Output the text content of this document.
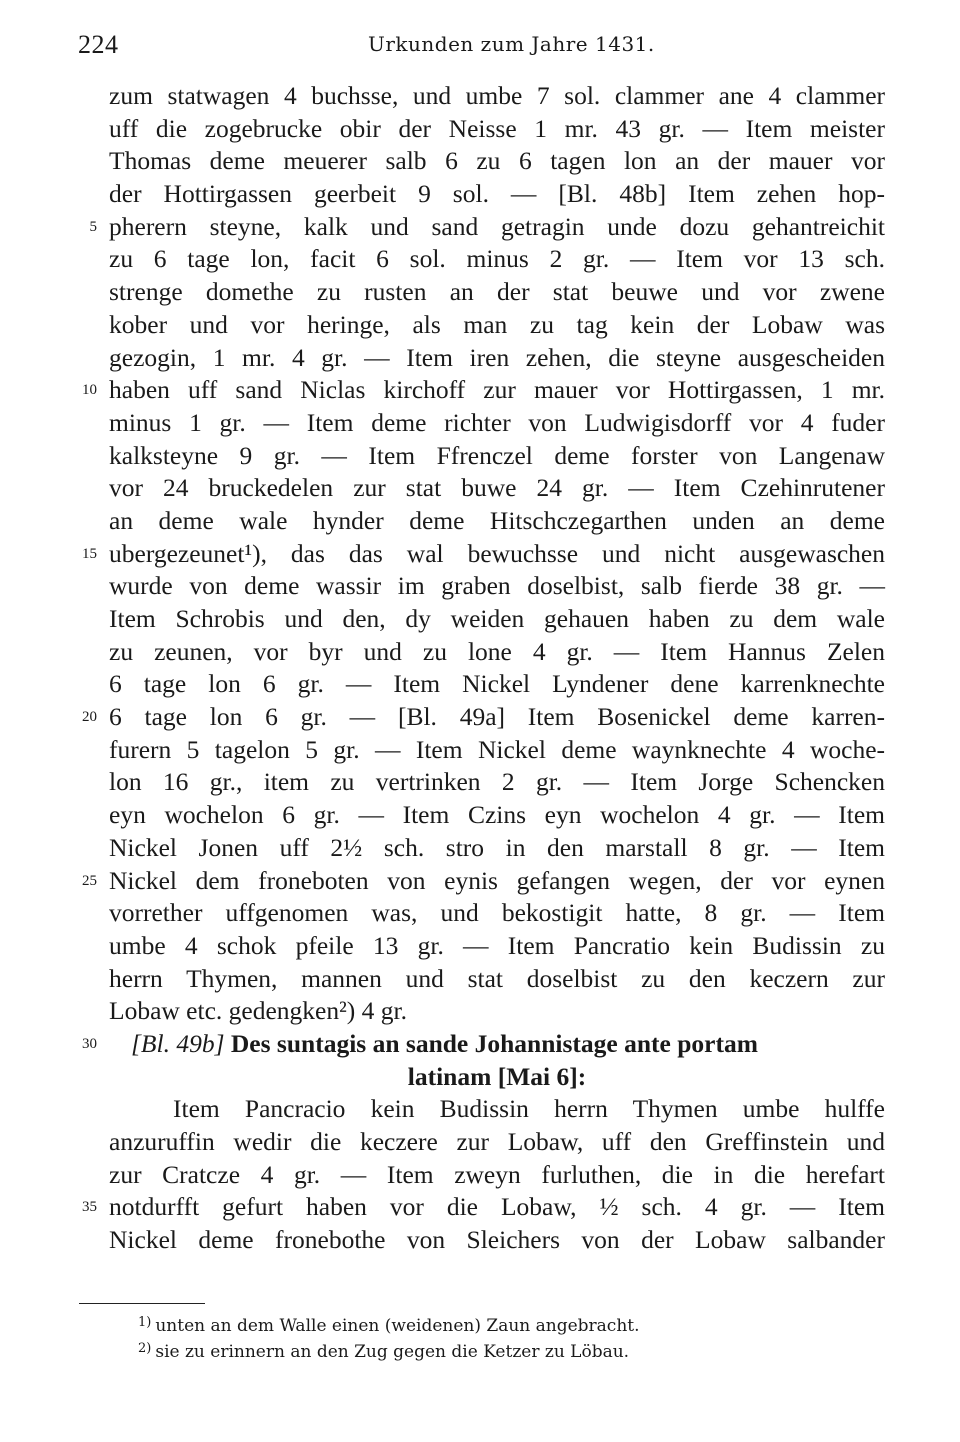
224	Urkunden zum Jahre 1431.
zum statwagen 4 buchsse, und umbe 7 sol. clammer ane 4 clammer
uff die zogebrucke obir der Neisse 1 mr. 43 gr. — Item meister
Thomas deme meuerer salb 6 zu 6 tagen lon an der mauer vor
der Hottirgassen geerbeit 9 sol. — [Bl. 48b] Item zehen hop-
5 pherern steyne, kalk und sand getragin unde dozu gehantreichit
zu 6 tage lon, facit 6 sol. minus 2 gr. — Item vor 13 sch.
strenge domethe zu rusten an der stat beuwe und vor zwene
kober und vor heringe, als man zu tag kein der Lobaw was
gezogin, 1 mr. 4 gr. — Item iren zehen, die steyne ausgescheiden
10 haben uff sand Niclas kirchoff zur mauer vor Hottirgassen, 1 mr.
minus 1 gr. — Item deme richter von Ludwigisdorff vor 4 fuder
kalksteyne 9 gr. — Item Ffrenczel deme forster von Langenaw
vor 24 bruckedelen zur stat buwe 24 gr. — Item Czehinrutener
an deme wale hynder deme Hitschczegarthen unden an deme
15 ubergezeunet¹), das das wal bewuchsse und nicht ausgewaschen
wurde von deme wassir im graben doselbist, salb fierde 38 gr. —
Item Schrobis und den, dy weiden gehauen haben zu dem wale
zu zeunen, vor byr und zu lone 4 gr. — Item Hannus Zelen
6 tage lon 6 gr. — Item Nickel Lyndener dene karrenknechte
20 6 tage lon 6 gr. — [Bl. 49a] Item Bosenickel deme karren-
furern 5 tagelon 5 gr. — Item Nickel deme waynknechte 4 woche-
lon 16 gr., item zu vertrinken 2 gr. — Item Jorge Schencken
eyn wochelon 6 gr. — Item Czins eyn wochelon 4 gr. — Item
Nickel Jonen uff 2½ sch. stro in den marstall 8 gr. — Item
25 Nickel dem froneboten von eynis gefangen wegen, der vor eynen
vorrether uffgenomen was, und bekostigit hatte, 8 gr. — Item
umbe 4 schok pfeile 13 gr. — Item Pancratio kein Budissin zu
herrn Thymen, mannen und stat doselbist zu den keczern zur
Lobaw etc. gedengken²) 4 gr.
30	[Bl. 49b] Des suntagis an sande Johannistage ante portam
latinam [Mai 6]:
Item Pancracio kein Budissin herrn Thymen umbe hulffe
anzuruffin wedir die keczere zur Lobaw, uff den Greffinstein und
zur Cratcze 4 gr. — Item zweyn furluthen, die in die herefart
35 notdurfft gefurt haben vor die Lobaw, ½ sch. 4 gr. — Item
Nickel deme fronebothe von Sleichers von der Lobaw salbander
$^{1)}$ unten an dem Walle einen (weidenen) Zaun angebracht.
$^{2)}$ sie zu erinnern an den Zug gegen die Ketzer zu Löbau.
